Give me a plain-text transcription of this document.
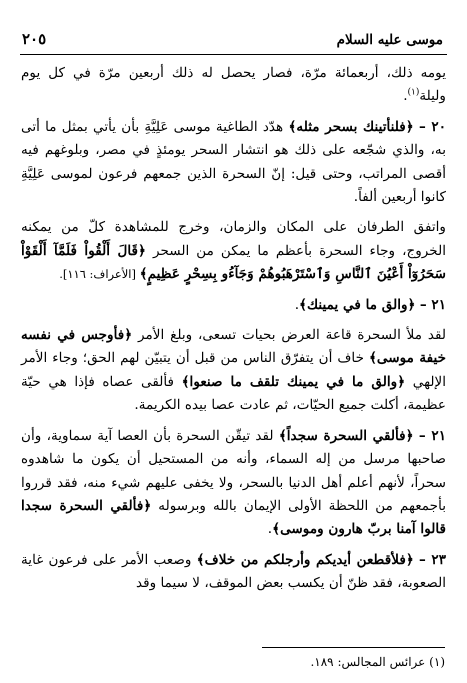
موسى عليه السلام
٢٠٥

يومه ذلك، أربعمائة مرّة، فصار يحصل له ذلك أربعين مرّة في كل يوم وليلة$^{(١)}$.

٢٠ – ﴿فلنأتينك بسحر مثله﴾ هدّد الطاغية موسى عَلِيَّةِ بأن يأتي بمثل ما أتى به، والذي شجّعه على ذلك هو انتشار السحر يومئذٍ في مصر، وبلوغهم فيه أقصى المراتب، وحتى قيل: إنّ السحرة الذين جمعهم فرعون لموسى عَلِيَّةِ كانوا أربعين ألفاً.

واتفق الطرفان على المكان والزمان، وخرج للمشاهدة كلّ من يمكنه الخروج، وجاء السحرة بأعظم ما يمكن من السحر ﴿قَالَ أَلْقُواْ فَلَمَّآ أَلْقَوْاْ سَحَرُوٓاْ أَعْيُنَ ٱلنَّاسِ وَٱسْتَرْهَبُوهُمْ وَجَآءُو بِسِحْرٍ عَظِيمٍ﴾ [الأعراف: ١١٦].

٢١ – ﴿والق ما في يمينك﴾.

لقد ملأ السحرة قاعة العرض بحيات تسعى، وبلغ الأمر ﴿فأوجس في نفسه خيفة موسى﴾ خاف أن يتفرّق الناس من قبل أن يتبيّن لهم الحق؛ وجاء الأمر الإلهي ﴿والق ما في يمينك تلقف ما صنعوا﴾ فألقى عصاه فإذا هي حيّة عظيمة، أكلت جميع الحيّات، ثم عادت عصا بيده الكريمة.

٢١ – ﴿فألقي السحرة سجداً﴾ لقد تيقّن السحرة بأن العصا آية سماوية، وأن صاحبها مرسل من إله السماء، وأنه من المستحيل أن يكون ما شاهدوه سحراً، لأنهم أعلم أهل الدنيا بالسحر، ولا يخفى عليهم شيء منه، فقد قرروا بأجمعهم من اللحظة الأولى الإيمان بالله وبرسوله ﴿فألقي السحرة سجدا قالوا آمنا بربّ هارون وموسى﴾.

٢٣ – ﴿فلأقطعن أيديكم وأرجلكم من خلاف﴾ وصعب الأمر على فرعون غاية الصعوبة، فقد ظنّ أن يكسب بعض الموقف، لا سيما وقد

(١) عرائس المجالس: ١٨٩.
